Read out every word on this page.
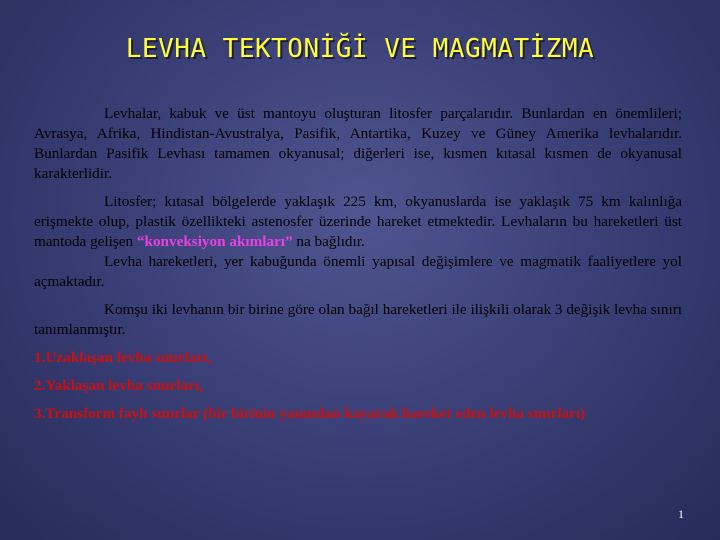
LEVHA TEKTONİĞİ VE MAGMATİZMA

Levhalar, kabuk ve üst mantoyu oluşturan litosfer parçalarıdır. Bunlardan en önemlileri; Avrasya, Afrika, Hindistan-Avustralya, Pasifik, Antartika, Kuzey ve Güney Amerika levhalarıdır. Bunlardan Pasifik Levhası tamamen okyanusal; diğerleri ise, kısmen kıtasal kısmen de okyanusal karakterlidir.

Litosfer; kıtasal bölgelerde yaklaşık 225 km, okyanuslarda ise yaklaşık 75 km kalınlığa erişmekte olup, plastik özellikteki astenosfer üzerinde hareket etmektedir. Levhaların bu hareketleri üst mantoda gelişen “konveksiyon akımları” na bağlıdır.

Levha hareketleri, yer kabuğunda önemli yapısal değişimlere ve magmatik faaliyetlere yol açmaktadır.

Komşu iki levhanın bir birine göre olan bağıl hareketleri ile ilişkili olarak 3 değişik levha sınırı tanımlanmıştır.

1.Uzaklaşan levha sınırları,

2.Yaklaşan levha sınırları,

3.Transform faylı sınırlar (bir birinin yanından kayarak hareket eden levha sınırları)

1
